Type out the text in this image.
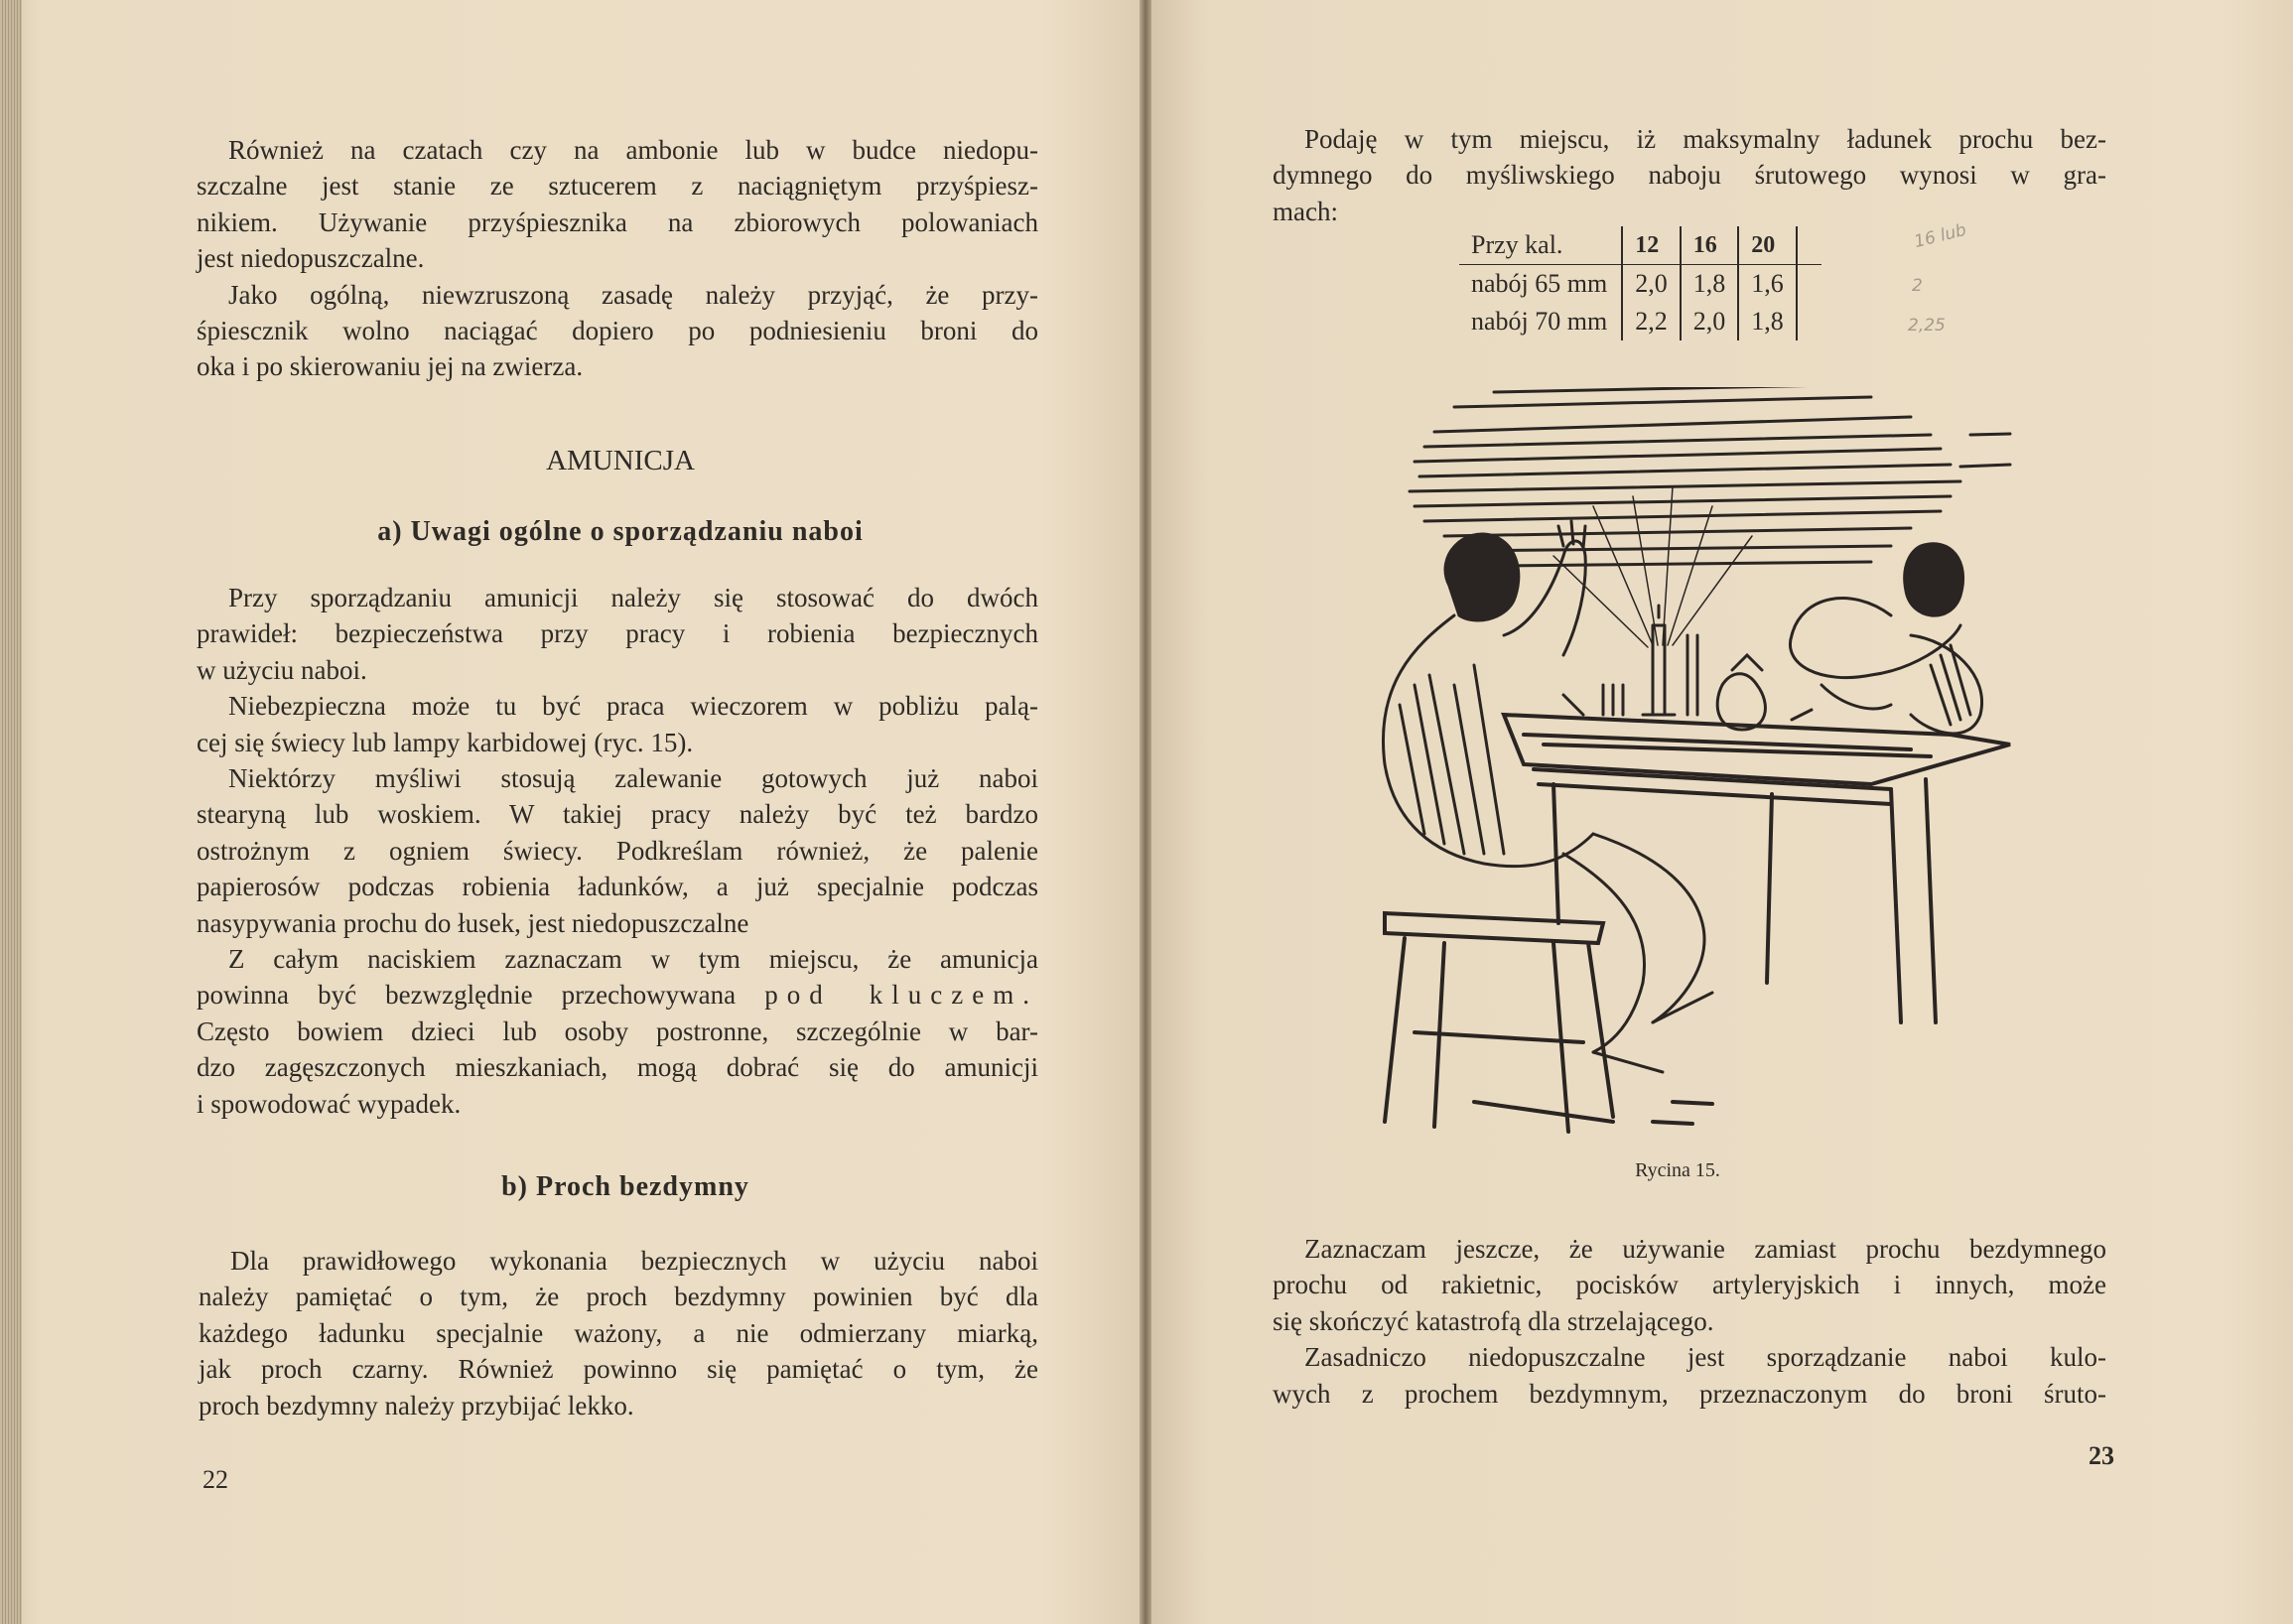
Również na czatach czy na ambonie lub w budce niedopu-

szczalne jest stanie ze sztucerem z naciągniętym przyśpiesz-

nikiem. Używanie przyśpiesznika na zbiorowych polowaniach

jest niedopuszczalne.

Jako ogólną, niewzruszoną zasadę należy przyjąć, że przy-

śpiescznik wolno naciągać dopiero po podniesieniu broni do

oka i po skierowaniu jej na zwierza.

AMUNICJA
a) Uwagi ogólne o sporządzaniu naboi

Przy sporządzaniu amunicji należy się stosować do dwóch

prawideł: bezpieczeństwa przy pracy i robienia bezpiecznych

w użyciu naboi.

Niebezpieczna może tu być praca wieczorem w pobliżu palą-

cej się świecy lub lampy karbidowej (ryc. 15).

Niektórzy myśliwi stosują zalewanie gotowych już naboi

stearyną lub woskiem. W takiej pracy należy być też bardzo

ostrożnym z ogniem świecy. Podkreślam również, że palenie

papierosów podczas robienia ładunków, a już specjalnie podczas

nasypywania prochu do łusek, jest niedopuszczalne

Z całym naciskiem zaznaczam w tym miejscu, że amunicja

powinna być bezwzględnie przechowywana pod kluczem.

Często bowiem dzieci lub osoby postronne, szczególnie w bar-

dzo zagęszczonych mieszkaniach, mogą dobrać się do amunicji

i spowodować wypadek.

b) Proch bezdymny

Dla prawidłowego wykonania bezpiecznych w użyciu naboi

należy pamiętać o tym, że proch bezdymny powinien być dla

każdego ładunku specjalnie ważony, a nie odmierzany miarką,

jak proch czarny. Również powinno się pamiętać o tym, że

proch bezdymny należy przybijać lekko.

22

Podaję w tym miejscu, iż maksymalny ładunek prochu bez-

dymnego do myśliwskiego naboju śrutowego wynosi w gra-

mach:

Przy kal.	12	16	20	
nabój 65 mm	2,0	1,8	1,6	
nabój 70 mm	2,2	2,0	1,8	
16 lub
2
2,25
Rycina 15.

Zaznaczam jeszcze, że używanie zamiast prochu bezdymnego

prochu od rakietnic, pocisków artyleryjskich i innych, może

się skończyć katastrofą dla strzelającego.

Zasadniczo niedopuszczalne jest sporządzanie naboi kulo-

wych z prochem bezdymnym, przeznaczonym do broni śruto-

23
